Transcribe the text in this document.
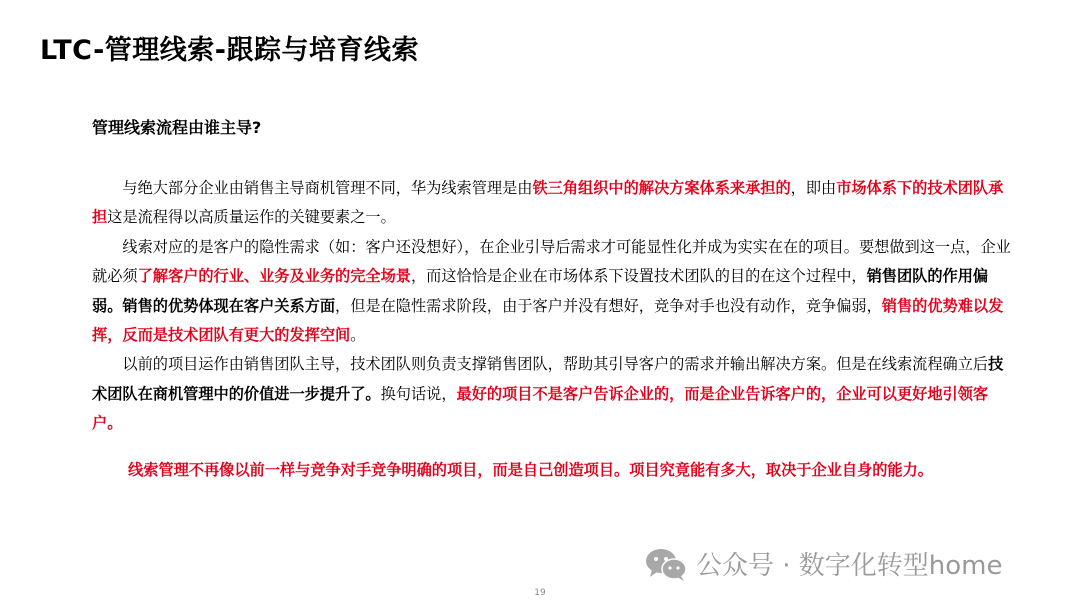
LTC-管理线索-跟踪与培育线索
管理线索流程由谁主导?

与绝大部分企业由销售主导商机管理不同，华为线索管理是由铁三角组织中的解决方案体系来承担的，即由市场体系下的技术团队承担这是流程得以高质量运作的关键要素之一。

线索对应的是客户的隐性需求（如：客户还没想好），在企业引导后需求才可能显性化并成为实实在在的项目。要想做到这一点，企业就必须了解客户的行业、业务及业务的完全场景，而这恰恰是企业在市场体系下设置技术团队的目的在这个过程中，销售团队的作用偏弱。销售的优势体现在客户关系方面，但是在隐性需求阶段，由于客户并没有想好，竞争对手也没有动作，竞争偏弱，销售的优势难以发挥，反而是技术团队有更大的发挥空间。

以前的项目运作由销售团队主导，技术团队则负责支撑销售团队，帮助其引导客户的需求并输出解决方案。但是在线索流程确立后技术团队在商机管理中的价值进一步提升了。换句话说，最好的项目不是客户告诉企业的，而是企业告诉客户的，企业可以更好地引领客户。

线索管理不再像以前一样与竞争对手竞争明确的项目，而是自己创造项目。项目究竟能有多大，取决于企业自身的能力。
19
公众号 · 数字化转型home
